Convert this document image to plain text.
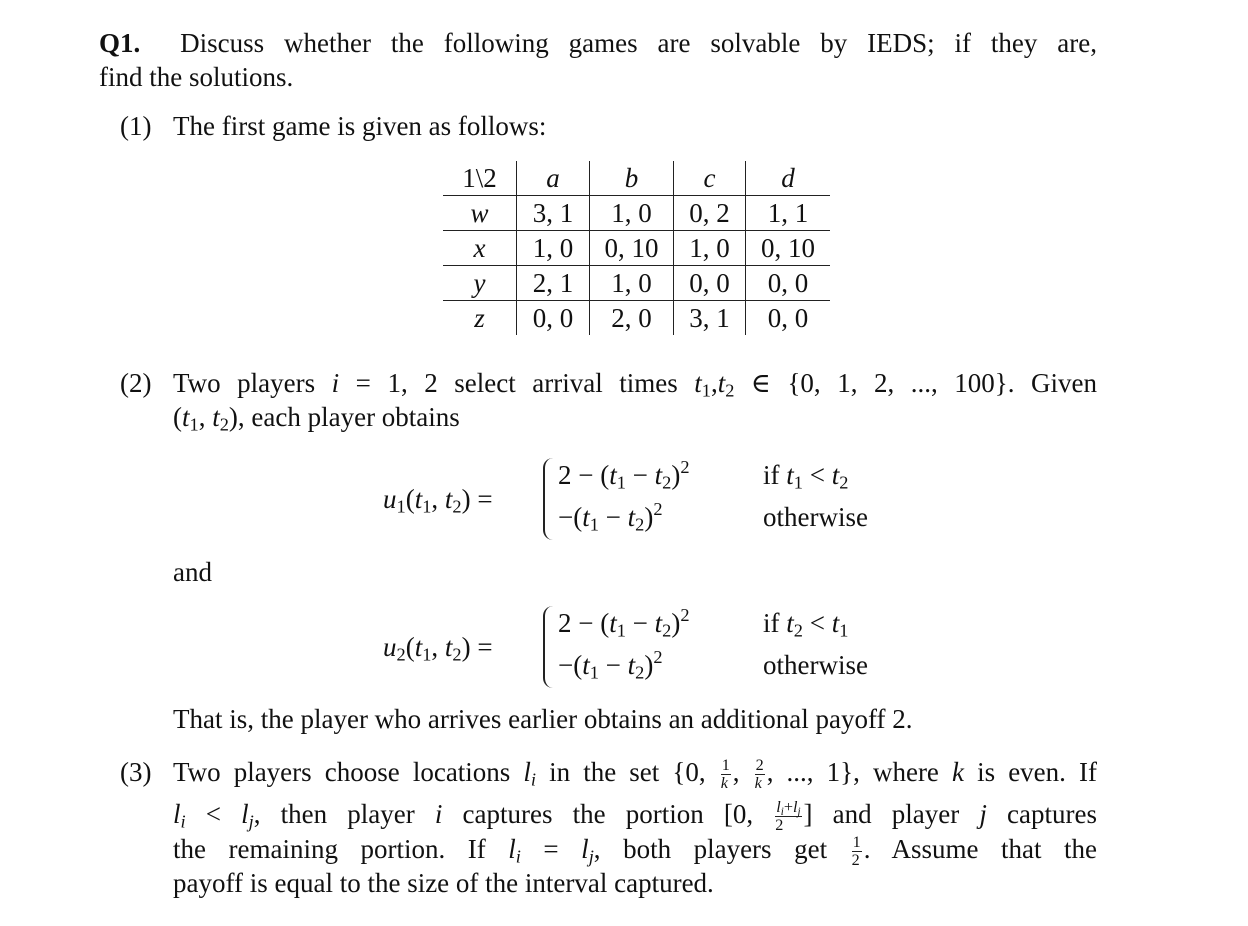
Q1. Discuss whether the following games are solvable by IEDS; if they are,
find the solutions.
(1) The first game is given as follows:
1\2	a	b	c	d
w	3, 1	1, 0	0, 2	1, 1
x	1, 0	0, 10	1, 0	0, 10
y	2, 1	1, 0	0, 0	0, 0
z	0, 0	2, 0	3, 1	0, 0
(2) Two players i = 1, 2 select arrival times $t_1,t_2$ ∈ {0, 1, 2, ..., 100}. Given
($t_1$, $t_2$), each player obtains
$u_1(t_1$, $t_2$) =
$2 - (t_1 - t_2)^2$
$-(t_1 - t_2)^2$
if $t_1 < t_2$
otherwise
and
$u_2(t_1$, $t_2$) =
$2 - (t_1 - t_2)^2$
$-(t_1 - t_2)^2$
if $t_2 < t_1$
otherwise
That is, the player who arrives earlier obtains an additional payoff 2.
(3) Two players choose locations $l_i$ in the set {0, $\frac{1}{k}$ , $\frac{2}{k}$ , ..., 1}, where k is even. If
$l_i < l_j$, then player i captures the portion [0, $\frac{l_i+l_j}{2}$ ] and player j captures
the remaining portion. If $l_i = l_j$, both players get $\frac{1}{2}$ . Assume that the
payoff is equal to the size of the interval captured.
